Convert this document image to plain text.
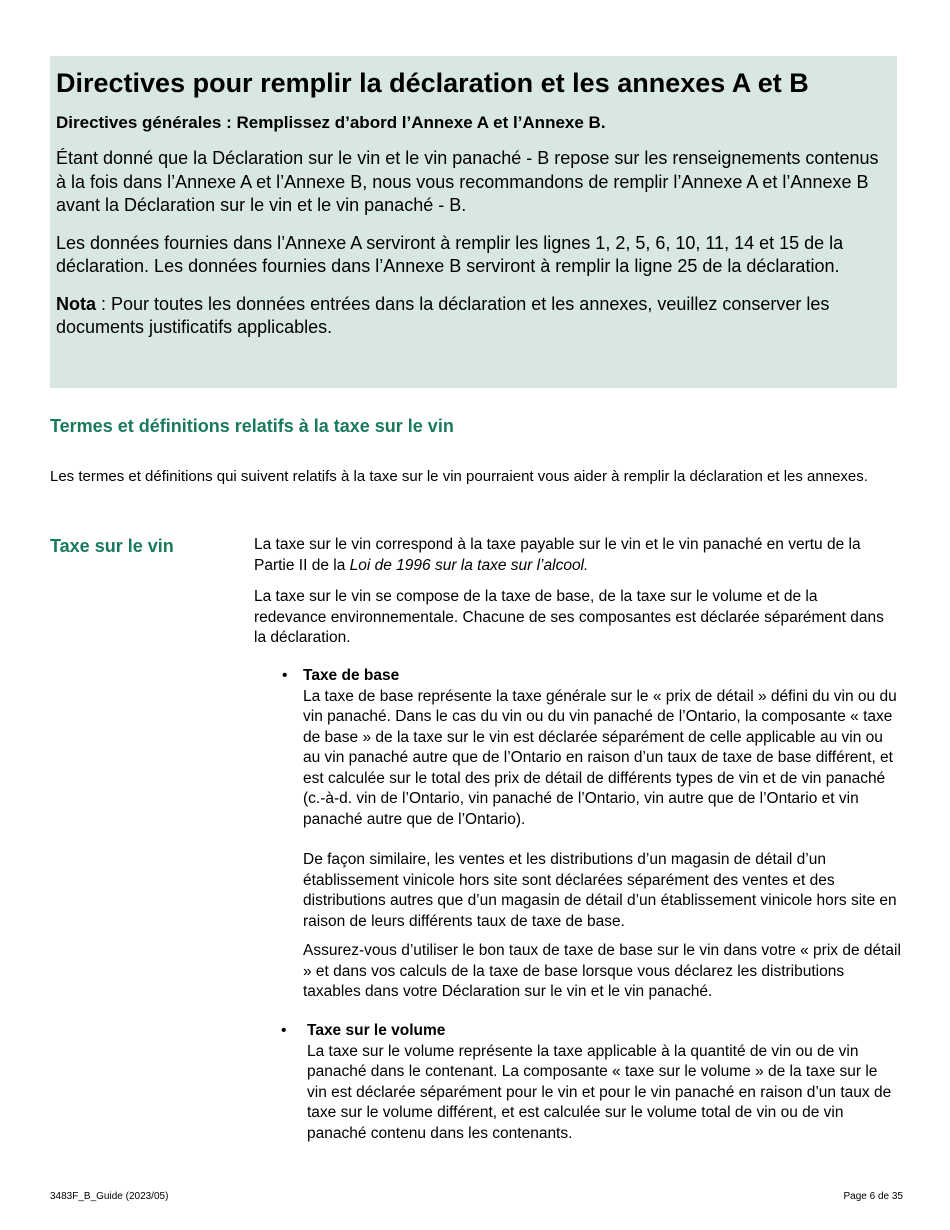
Directives pour remplir la déclaration et les annexes A et B
Directives générales : Remplissez d’abord l’Annexe A et l’Annexe B.

Étant donné que la Déclaration sur le vin et le vin panaché - B repose sur les renseignements contenus à la fois dans l’Annexe A et l’Annexe B, nous vous recommandons de remplir l’Annexe A et l’Annexe B avant la Déclaration sur le vin et le vin panaché - B.

Les données fournies dans l’Annexe A serviront à remplir les lignes 1, 2, 5, 6, 10, 11, 14 et 15 de la déclaration. Les données fournies dans l’Annexe B serviront à remplir la ligne 25 de la déclaration.

Nota : Pour toutes les données entrées dans la déclaration et les annexes, veuillez conserver les documents justificatifs applicables.

Termes et définitions relatifs à la taxe sur le vin

Les termes et définitions qui suivent relatifs à la taxe sur le vin pourraient vous aider à remplir la déclaration et les annexes.

Taxe sur le vin	La taxe sur le vin correspond à la taxe payable sur le vin et le vin panaché en vertu de la Partie II de la Loi de 1996 sur la taxe sur l’alcool.

La taxe sur le vin se compose de la taxe de base, de la taxe sur le volume et de la redevance environnementale. Chacune de ses composantes est déclarée séparément dans la déclaration.

• Taxe de base

La taxe de base représente la taxe générale sur le « prix de détail » défini du vin ou du vin panaché. Dans le cas du vin ou du vin panaché de l’Ontario, la composante « taxe de base » de la taxe sur le vin est déclarée séparément de celle applicable au vin ou au vin panaché autre que de l’Ontario en raison d’un taux de taxe de base différent, et est calculée sur le total des prix de détail de différents types de vin et de vin panaché (c.-à-d. vin de l’Ontario, vin panaché de l’Ontario, vin autre que de l’Ontario et vin panaché autre que de l’Ontario).

De façon similaire, les ventes et les distributions d’un magasin de détail d’un établissement vinicole hors site sont déclarées séparément des ventes et des distributions autres que d’un magasin de détail d’un établissement vinicole hors site en raison de leurs différents taux de taxe de base.

Assurez-vous d’utiliser le bon taux de taxe de base sur le vin dans votre « prix de détail » et dans vos calculs de la taxe de base lorsque vous déclarez les distributions taxables dans votre Déclaration sur le vin et le vin panaché.

• Taxe sur le volume

La taxe sur le volume représente la taxe applicable à la quantité de vin ou de vin panaché dans le contenant. La composante « taxe sur le volume » de la taxe sur le vin est déclarée séparément pour le vin et pour le vin panaché en raison d’un taux de taxe sur le volume différent, et est calculée sur le volume total de vin ou de vin panaché contenu dans les contenants.

3483F_B_Guide (2023/05)	Page 6 de 35
